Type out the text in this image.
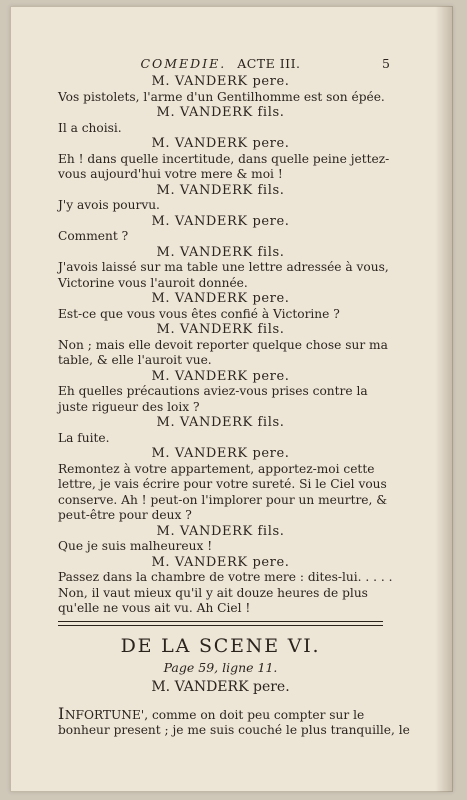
COMEDIE. ACTE III.	5
M. VANDERK pere.
Vos pistolets, l'arme d'un Gentilhomme est son épée.
M. VANDERK fils.
Il a choisi.
M. VANDERK pere.
Eh ! dans quelle incertitude, dans quelle peine jettez-
vous aujourd'hui votre mere & moi !
M. VANDERK fils.
J'y avois pourvu.
M. VANDERK pere.
Comment ?
M. VANDERK fils.
J'avois laissé sur ma table une lettre adressée à vous,
Victorine vous l'auroit donnée.
M. VANDERK pere.
Est-ce que vous vous êtes confié à Victorine ?
M. VANDERK fils.
Non ; mais elle devoit reporter quelque chose sur ma
table, & elle l'auroit vue.
M. VANDERK pere.
Eh quelles précautions aviez-vous prises contre la
juste rigueur des loix ?
M. VANDERK fils.
La fuite.
M. VANDERK pere.
Remontez à votre appartement, apportez-moi cette
lettre, je vais écrire pour votre sureté. Si le Ciel vous
conserve. Ah ! peut-on l'implorer pour un meurtre, &
peut-être pour deux ?
M. VANDERK fils.
Que je suis malheureux !
M. VANDERK pere.
Passez dans la chambre de votre mere : dites-lui. . . . .
Non, il vaut mieux qu'il y ait douze heures de plus
qu'elle ne vous ait vu. Ah Ciel !
DE LA SCENE VI.
Page 59, ligne 11.
M. VANDERK pere.
INFORTUNE', comme on doit peu compter sur le
bonheur present ; je me suis couché le plus tranquille, le
